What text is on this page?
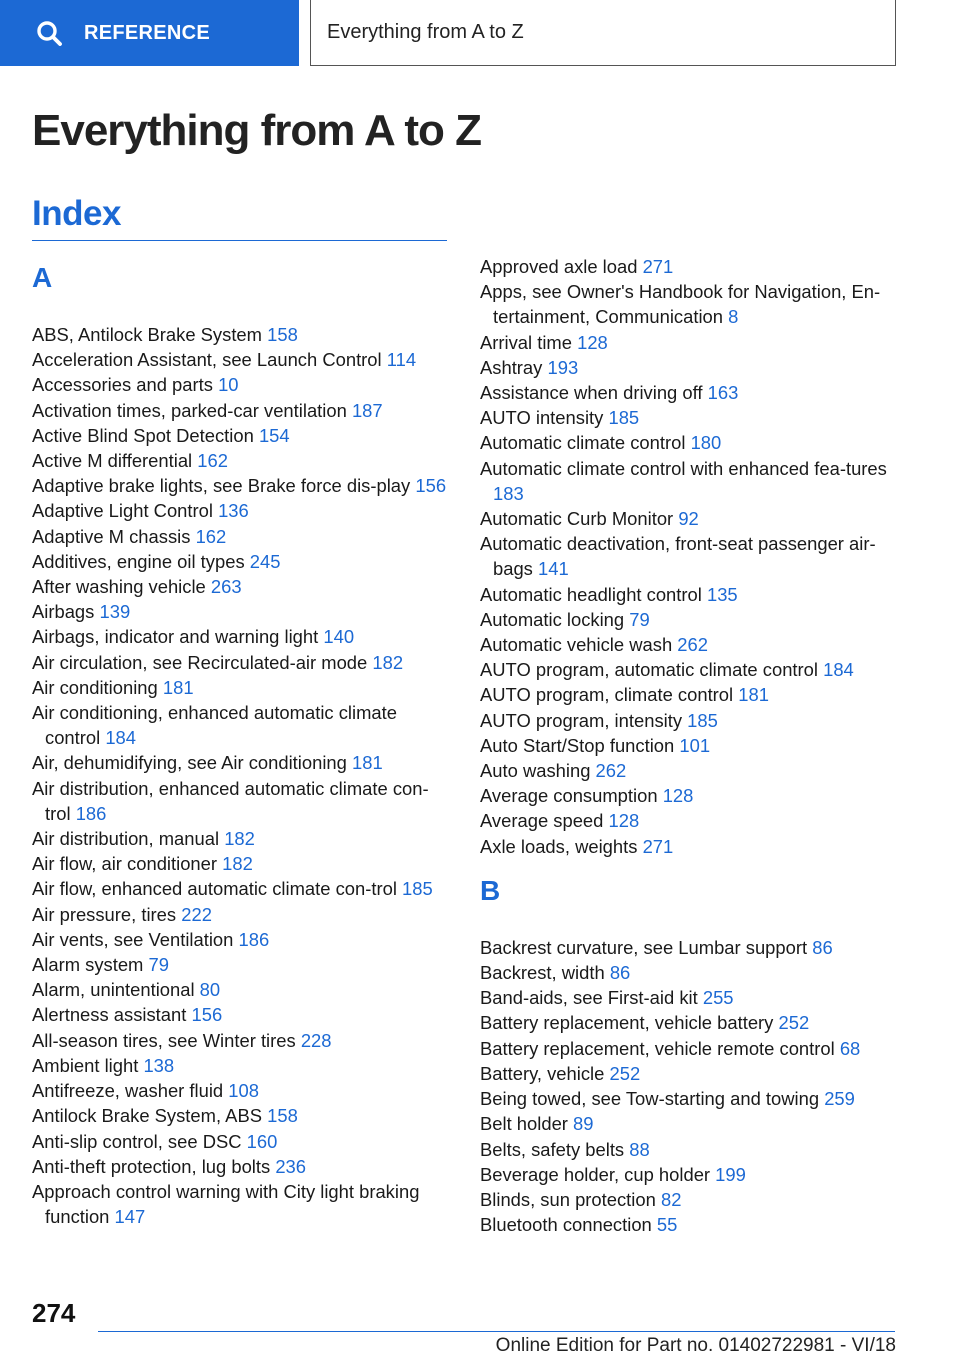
REFERENCE	Everything from A to Z
Everything from A to Z
Index
A
ABS, Antilock Brake System 158
Acceleration Assistant, see Launch Control 114
Accessories and parts 10
Activation times, parked-car ventilation 187
Active Blind Spot Detection 154
Active M differential 162
Adaptive brake lights, see Brake force dis-play 156
Adaptive Light Control 136
Adaptive M chassis 162
Additives, engine oil types 245
After washing vehicle 263
Airbags 139
Airbags, indicator and warning light 140
Air circulation, see Recirculated-air mode 182
Air conditioning 181
Air conditioning, enhanced automatic climate control 184
Air, dehumidifying, see Air conditioning 181
Air distribution, enhanced automatic climate con-trol 186
Air distribution, manual 182
Air flow, air conditioner 182
Air flow, enhanced automatic climate con-trol 185
Air pressure, tires 222
Air vents, see Ventilation 186
Alarm system 79
Alarm, unintentional 80
Alertness assistant 156
All-season tires, see Winter tires 228
Ambient light 138
Antifreeze, washer fluid 108
Antilock Brake System, ABS 158
Anti-slip control, see DSC 160
Anti-theft protection, lug bolts 236
Approach control warning with City light braking function 147
Approved axle load 271
Apps, see Owner's Handbook for Navigation, En-tertainment, Communication 8
Arrival time 128
Ashtray 193
Assistance when driving off 163
AUTO intensity 185
Automatic climate control 180
Automatic climate control with enhanced fea-tures 183
Automatic Curb Monitor 92
Automatic deactivation, front-seat passenger air-bags 141
Automatic headlight control 135
Automatic locking 79
Automatic vehicle wash 262
AUTO program, automatic climate control 184
AUTO program, climate control 181
AUTO program, intensity 185
Auto Start/Stop function 101
Auto washing 262
Average consumption 128
Average speed 128
Axle loads, weights 271
B
Backrest curvature, see Lumbar support 86
Backrest, width 86
Band-aids, see First-aid kit 255
Battery replacement, vehicle battery 252
Battery replacement, vehicle remote control 68
Battery, vehicle 252
Being towed, see Tow-starting and towing 259
Belt holder 89
Belts, safety belts 88
Beverage holder, cup holder 199
Blinds, sun protection 82
Bluetooth connection 55
274
Online Edition for Part no. 01402722981 - VI/18
